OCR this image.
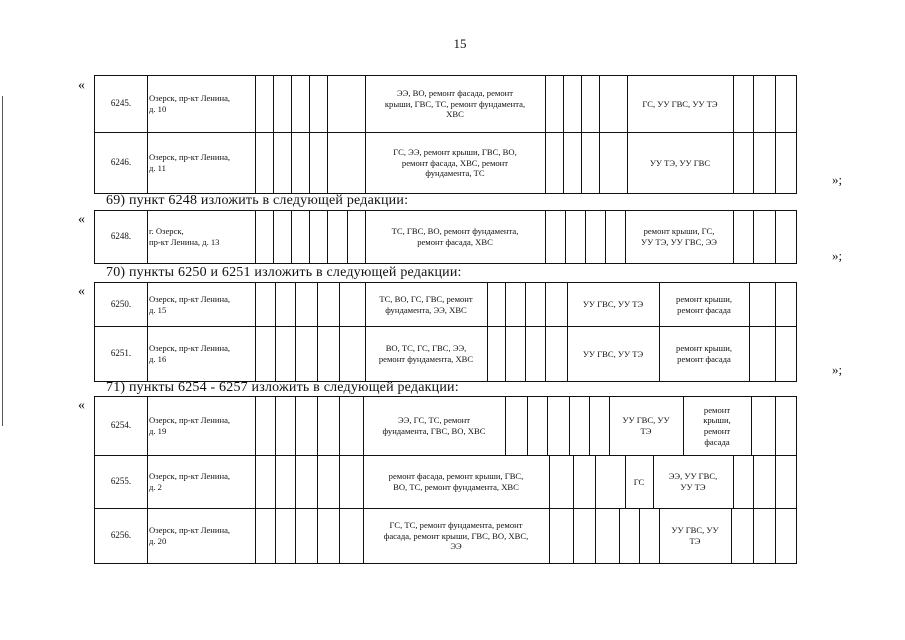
15
«
6245.
Озерск, пр-кт Ленина,
д. 10
ЭЭ, ВО, ремонт фасада, ремонт
крыши, ГВС, ТС, ремонт фундамента,
ХВС
ГС, УУ ГВС, УУ ТЭ
6246.
Озерск, пр-кт Ленина,
д. 11
ГС, ЭЭ, ремонт крыши, ГВС, ВО,
ремонт фасада, ХВС, ремонт
фундамента, ТС
УУ ТЭ, УУ ГВС
»;
69) пункт 6248 изложить в следующей редакции:
«
6248.
г. Озерск,
пр-кт Ленина, д. 13
ТС, ГВС, ВО, ремонт фундамента,
ремонт фасада, ХВС
ремонт крыши, ГС,
УУ ТЭ, УУ ГВС, ЭЭ
»;
70) пункты 6250 и 6251 изложить в следующей редакции:
«
6250.
Озерск, пр-кт Ленина,
д. 15
ТС, ВО, ГС, ГВС, ремонт
фундамента, ЭЭ, ХВС
УУ ГВС, УУ ТЭ
ремонт крыши,
ремонт фасада
6251.
Озерск, пр-кт Ленина,
д. 16
ВО, ТС, ГС, ГВС, ЭЭ,
ремонт фундамента, ХВС
УУ ГВС, УУ ТЭ
ремонт крыши,
ремонт фасада
»;
71) пункты 6254 - 6257 изложить в следующей редакции:
«
6254.
Озерск, пр-кт Ленина,
д. 19
ЭЭ, ГС, ТС, ремонт
фундамента, ГВС, ВО, ХВС
УУ ГВС, УУ
ТЭ
ремонт
крыши,
ремонт
фасада
6255.
Озерск, пр-кт Ленина,
д. 2
ремонт фасада, ремонт крыши, ГВС,
ВО, ТС, ремонт фундамента, ХВС
ГС
ЭЭ, УУ ГВС,
УУ ТЭ
6256.
Озерск, пр-кт Ленина,
д. 20
ГС, ТС, ремонт фундамента, ремонт
фасада, ремонт крыши, ГВС, ВО, ХВС,
ЭЭ
УУ ГВС, УУ
ТЭ
